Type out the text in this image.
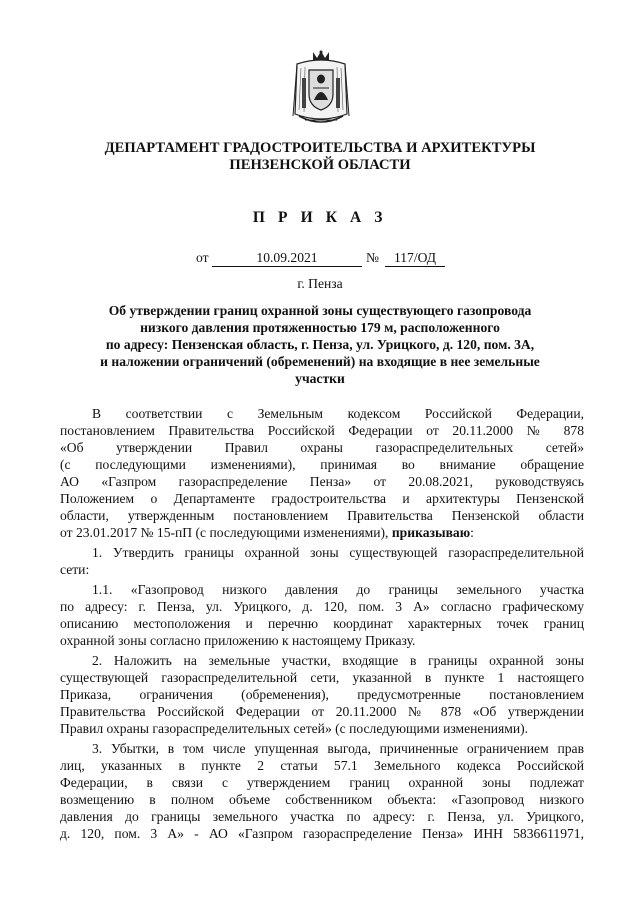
ДЕПАРТАМЕНТ ГРАДОСТРОИТЕЛЬСТВА И АРХИТЕКТУРЫ
ПЕНЗЕНСКОЙ ОБЛАСТИ
П Р И К А З
от	10.09.2021	№	117/ОД
г. Пенза
Об утверждении границ охранной зоны существующего газопровода
низкого давления протяженностью 179 м, расположенного
по адресу: Пензенская область, г. Пенза, ул. Урицкого, д. 120, пом. 3А,
и наложении ограничений (обременений) на входящие в нее земельные
участки
В соответствии с Земельным кодексом Российской Федерации,
постановлением Правительства Российской Федерации от 20.11.2000 № 878
«Об утверждении Правил охраны газораспределительных сетей»
(с последующими изменениями), принимая во внимание обращение
АО «Газпром газораспределение Пенза» от 20.08.2021, руководствуясь
Положением о Департаменте градостроительства и архитектуры Пензенской
области, утвержденным постановлением Правительства Пензенской области
от 23.01.2017 № 15-пП (с последующими изменениями), приказываю:
1. Утвердить границы охранной зоны существующей газораспределительной
сети:
1.1. «Газопровод низкого давления до границы земельного участка
по адресу: г. Пенза, ул. Урицкого, д. 120, пом. 3 А» согласно графическому
описанию местоположения и перечню координат характерных точек границ
охранной зоны согласно приложению к настоящему Приказу.
2. Наложить на земельные участки, входящие в границы охранной зоны
существующей газораспределительной сети, указанной в пункте 1 настоящего
Приказа, ограничения (обременения), предусмотренные постановлением
Правительства Российской Федерации от 20.11.2000 № 878 «Об утверждении
Правил охраны газораспределительных сетей» (с последующими изменениями).
3. Убытки, в том числе упущенная выгода, причиненные ограничением прав
лиц, указанных в пункте 2 статьи 57.1 Земельного кодекса Российской
Федерации, в связи с утверждением границ охранной зоны подлежат
возмещению в полном объеме собственником объекта: «Газопровод низкого
давления до границы земельного участка по адресу: г. Пенза, ул. Урицкого,
д. 120, пом. 3 А» - АО «Газпром газораспределение Пенза» ИНН 5836611971,
